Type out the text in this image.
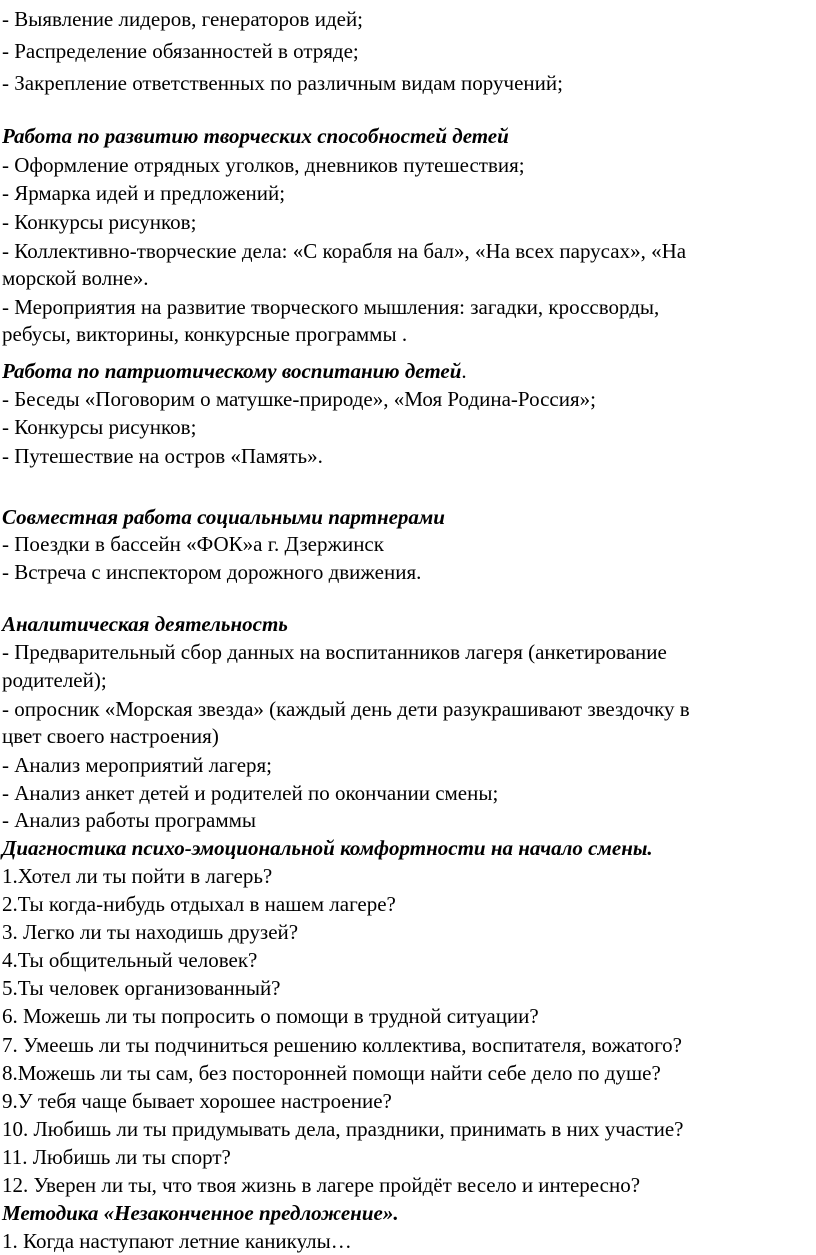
- Выявление лидеров, генераторов идей;
- Распределение обязанностей в отряде;
- Закрепление ответственных по различным видам поручений;
Работа по развитию творческих способностей детей
- Оформление отрядных уголков, дневников путешествия;
- Ярмарка идей и предложений;
- Конкурсы рисунков;
- Коллективно-творческие дела: «С корабля на бал», «На всех парусах», «На
морской волне».
- Мероприятия на развитие творческого мышления: загадки, кроссворды,
ребусы, викторины, конкурсные программы .
Работа по патриотическому воспитанию детей.
- Беседы «Поговорим о матушке-природе», «Моя Родина-Россия»;
- Конкурсы рисунков;
- Путешествие на остров «Память».
Совместная работа социальными партнерами
- Поездки в бассейн «ФОК»а г. Дзержинск
- Встреча с инспектором дорожного движения.
Аналитическая деятельность
- Предварительный сбор данных на воспитанников лагеря (анкетирование
родителей);
- опросник «Морская звезда» (каждый день дети разукрашивают звездочку в
цвет своего настроения)
- Анализ мероприятий лагеря;
- Анализ анкет детей и родителей по окончании смены;
- Анализ работы программы
Диагностика психо-эмоциональной комфортности на начало смены.
1.Хотел ли ты пойти в лагерь?
2.Ты когда-нибудь отдыхал в нашем лагере?
3. Легко ли ты находишь друзей?
4.Ты общительный человек?
5.Ты человек организованный?
6. Можешь ли ты попросить о помощи в трудной ситуации?
7. Умеешь ли ты подчиниться решению коллектива, воспитателя, вожатого?
8.Можешь ли ты сам, без посторонней помощи найти себе дело по душе?
9.У тебя чаще бывает хорошее настроение?
10. Любишь ли ты придумывать дела, праздники, принимать в них участие?
11. Любишь ли ты спорт?
12. Уверен ли ты, что твоя жизнь в лагере пройдёт весело и интересно?
Методика «Незаконченное предложение».
1. Когда наступают летние каникулы…
